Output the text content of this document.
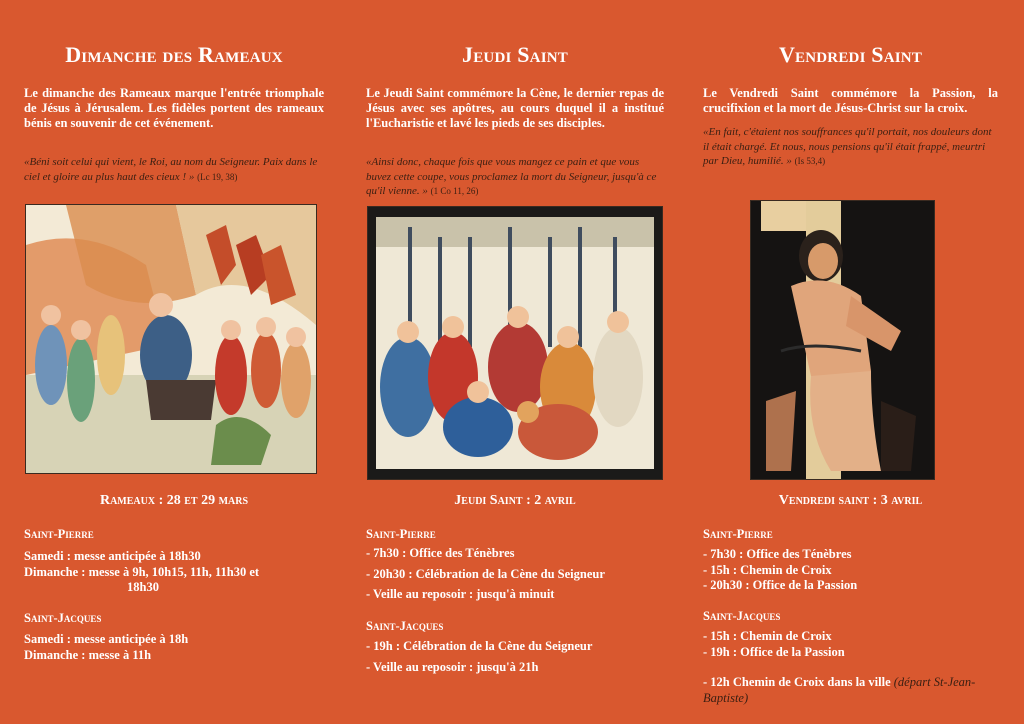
Dimanche des Rameaux

Le dimanche des Rameaux marque l'entrée triomphale de Jésus à Jérusalem. Les fidèles portent des rameaux bénis en souvenir de cet événement.

«Béni soit celui qui vient, le Roi, au nom du Seigneur. Paix dans le ciel et gloire au plus haut des cieux ! » (Lc 19, 38)

Rameaux : 28 et 29 mars

Saint-Pierre

Samedi : messe anticipée à 18h30
Dimanche : messe à 9h, 10h15, 11h, 11h30 et
18h30

Saint-Jacques

Samedi : messe anticipée à 18h
Dimanche : messe à 11h
Jeudi Saint

Le Jeudi Saint commémore la Cène, le dernier repas de Jésus avec ses apôtres, au cours duquel il a institué l'Eucharistie et lavé les pieds de ses disciples.

«Ainsi donc, chaque fois que vous mangez ce pain et que vous buvez cette coupe, vous proclamez la mort du Seigneur, jusqu'à ce qu'il vienne. » (1 Co 11, 26)

Jeudi Saint : 2 avril

Saint-Pierre

- 7h30 : Office des Ténèbres
- 20h30 : Célébration de la Cène du Seigneur
- Veille au reposoir : jusqu'à minuit

Saint-Jacques

- 19h : Célébration de la Cène du Seigneur
- Veille au reposoir : jusqu'à 21h
Vendredi Saint

Le Vendredi Saint commémore la Passion, la crucifixion et la mort de Jésus-Christ sur la croix.

«En fait, c'étaient nos souffrances qu'il portait, nos douleurs dont il était chargé. Et nous, nous pensions qu'il était frappé, meurtri par Dieu, humilié. » (Is 53,4)

Vendredi saint : 3 avril

Saint-Pierre

- 7h30 : Office des Ténèbres
- 15h : Chemin de Croix
- 20h30 : Office de la Passion

Saint-Jacques

- 15h : Chemin de Croix
- 19h : Office de la Passion
- 12h Chemin de Croix dans la ville (départ St-Jean-Baptiste)
